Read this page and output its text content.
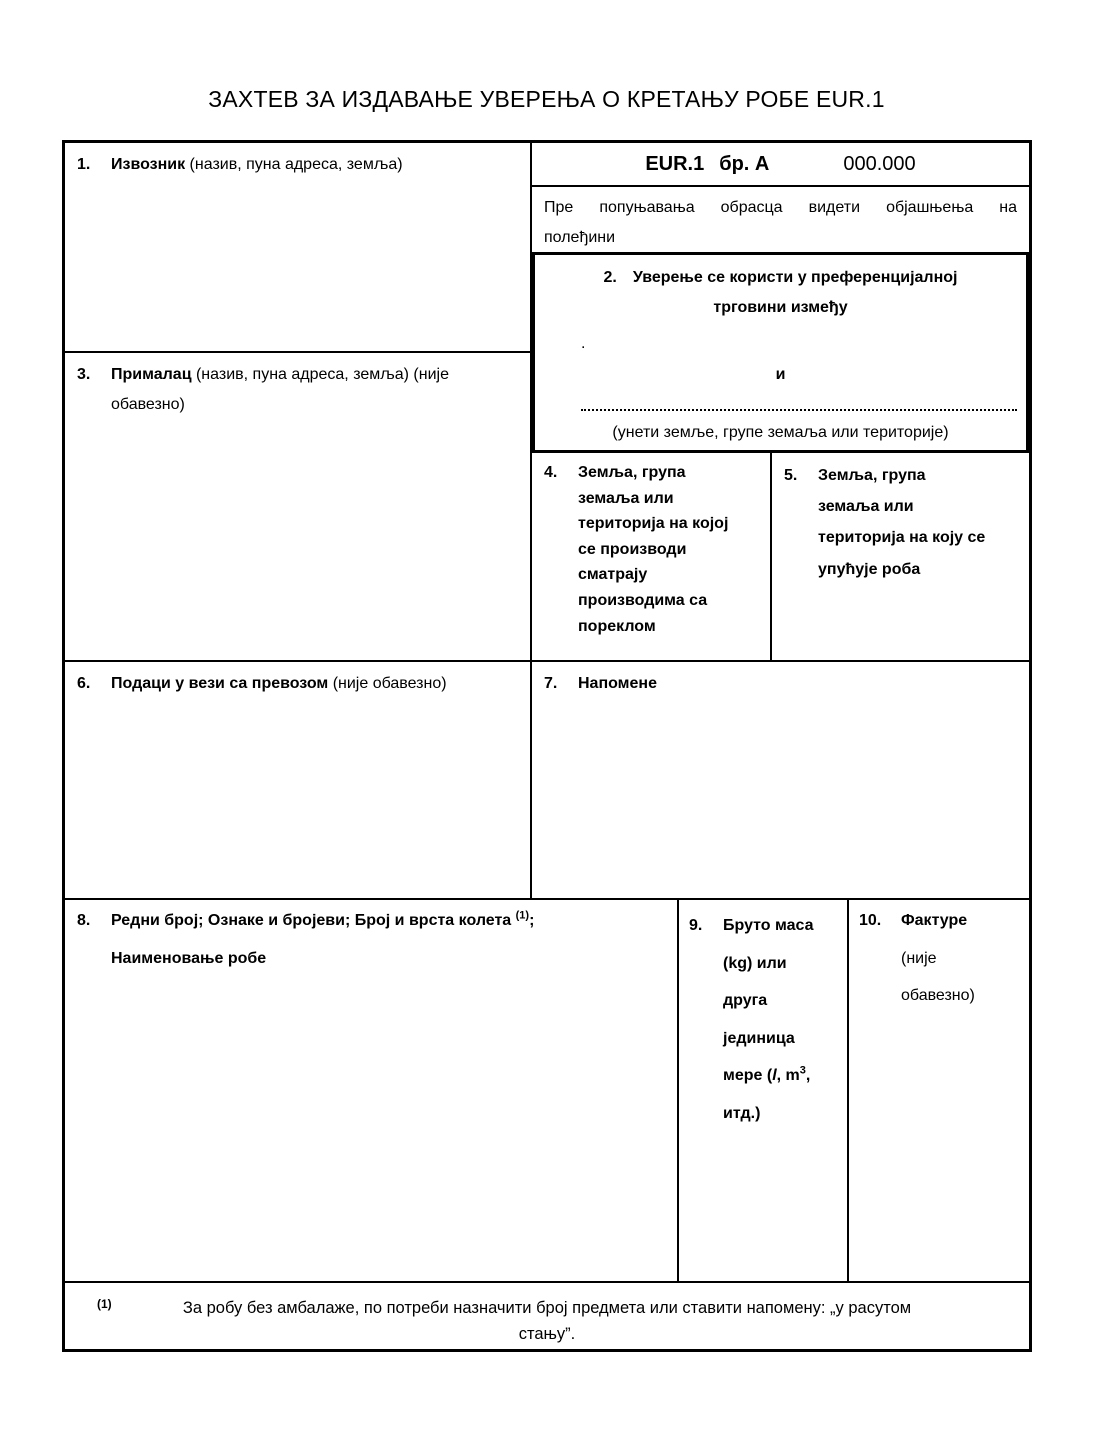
ЗАХТЕВ ЗА ИЗДАВАЊЕ УВЕРЕЊА О КРЕТАЊУ РОБЕ EUR.1
1.	Извозник (назив, пуна адреса, земља)	EUR.1 бр. А	000.000
Пре попуњавања обрасца видети објашњења на
полеђини
2. Уверење се користи у преференцијалној
трговини између
.
и
(унети земље, групе земаља или територије)
3.	Прималац (назив, пуна адреса, земља) (није обавезно)
4.	Земља, група
земаља или
територија на којој
се производи
сматрају
производима са
пореклом
5.	Земља, група
земаља или
територија на коју се
упућује роба
6.	Подаци у вези са превозом (није обавезно)	7.	Напомене
8.	Редни број; Ознаке и бројеви; Број и врста колета $^{(1)}$;
Наименовање робе
9.	Бруто маса
(kg) или
друга
јединица
мере (l, $m^3$,
итд.)
10.	Фактуре
(није
обавезно)
(1)	За робу без амбалаже, по потреби назначити број предмета или ставити напомену: „у расутом
стању”.
